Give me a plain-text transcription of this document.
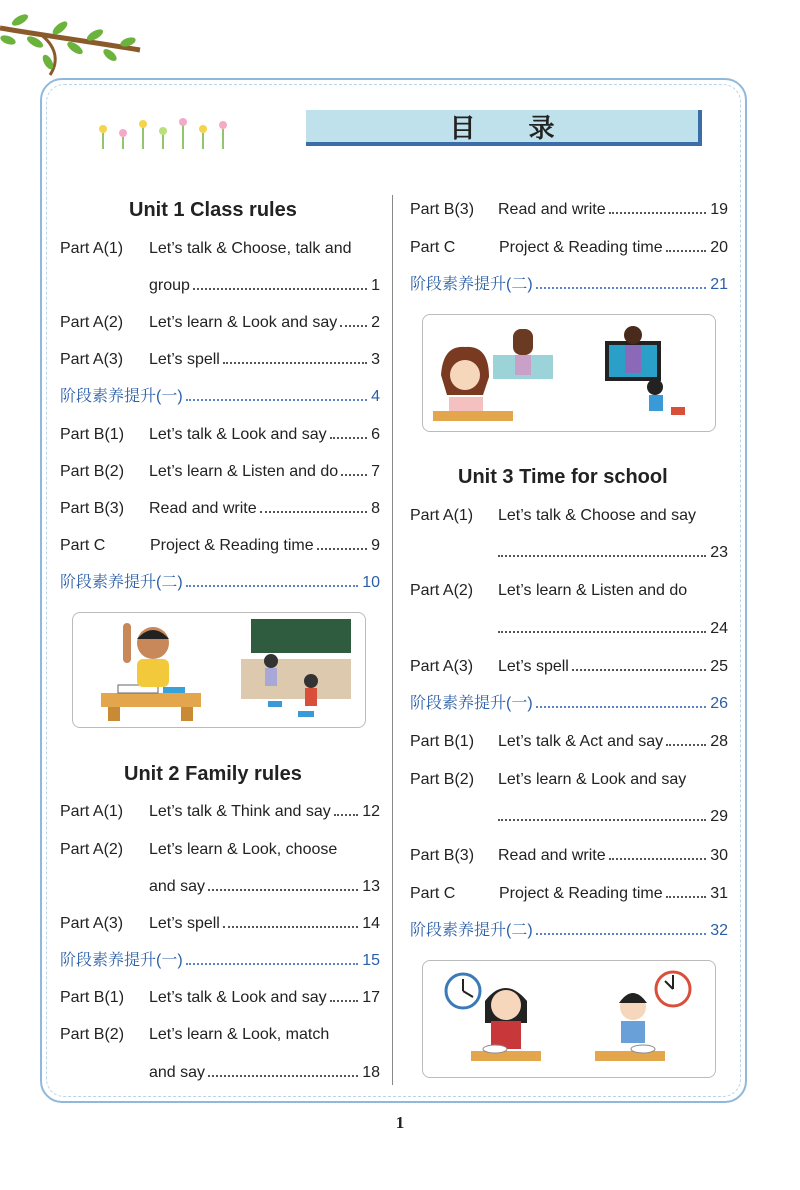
目 录
Unit 1 Class rules
Part A(1) Let’s talk & Choose, talk and
group	1
Part A(2) Let’s learn & Look and say 2
Part A(3) Let’s spell	3
阶段素养提升(一)	4
Part B(1) Let’s talk & Look and say	6
Part B(2) Let’s learn & Listen and do 7
Part B(3) Read and write	8
Part C	Project & Reading time	9
阶段素养提升(二)	10
Unit 2 Family rules
Part A(1) Let’s talk & Think and say 12
Part A(2) Let’s learn & Look, choose
and say	13
Part A(3) Let’s spell	14
阶段素养提升(一)	15
Part B(1) Let’s talk & Look and say 17
Part B(2) Let’s learn & Look, match
and say	18
Part B(3) Read and write	19
Part C	Project & Reading time	20
阶段素养提升(二)	21
Unit 3 Time for school
Part A(1) Let’s talk & Choose and say
23
Part A(2) Let’s learn & Listen and do
24
Part A(3) Let’s spell	25
阶段素养提升(一)	26
Part B(1) Let’s talk & Act and say	28
Part B(2) Let’s learn & Look and say
29
Part B(3) Read and write	30
Part C	Project & Reading time	31
阶段素养提升(二)	32
1
